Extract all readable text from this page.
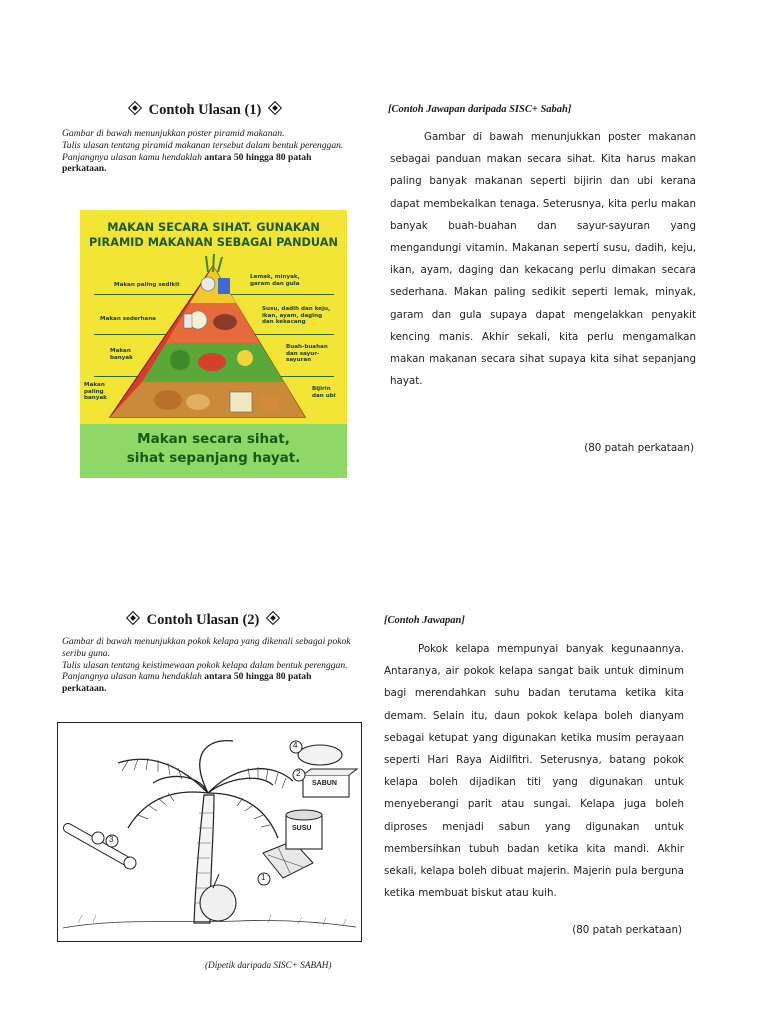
Contoh Ulasan (1)

Gambar di bawah menunjukkan poster piramid makanan.

Tulis ulasan tentang piramid makanan tersebut dalam bentuk perenggan.

Panjangnya ulasan kamu hendaklah antara 50 hingga 80 patah perkataan.

MAKAN SECARA SIHAT. GUNAKAN
PIRAMID MAKANAN SEBAGAI PANDUAN
Makan paling sedikit
Makan sederhana
Makan banyak
Makan paling banyak
Lemak, minyak, garam dan gula
Susu, dadih dan keju, ikan, ayam, daging dan kekacang
Buah-buahan dan sayur-sayuran
Bijirin dan ubi
Makan secara sihat,
sihat sepanjang hayat.
[Contoh Jawapan daripada SISC+ Sabah]

Gambar di bawah menunjukkan poster makanan sebagai panduan makan secara sihat. Kita harus makan paling banyak makanan seperti bijirin dan ubi kerana dapat membekalkan tenaga. Seterusnya, kita perlu makan banyak buah-buahan dan sayur-sayuran yang mengandungi vitamin. Makanan seperti susu, dadih, keju, ikan, ayam, daging dan kekacang perlu dimakan secara sederhana. Makan paling sedikit seperti lemak, minyak, garam dan gula supaya dapat mengelakkan penyakit kencing manis. Akhir sekali, kita perlu mengamalkan makan makanan secara sihat supaya kita sihat sepanjang hayat.

(80 patah perkataan)
Contoh Ulasan (2)

Gambar di bawah menunjukkan pokok kelapa yang dikenali sebagai pokok seribu guna.

Tulis ulasan tentang keistimewaan pokok kelapa dalam bentuk perenggan.

Panjangnya ulasan kamu hendaklah antara 50 hingga 80 patah perkataan.

3
1
2
4
SABUN
SUSU
(Dipetik daripada SISC+ SABAH)
[Contoh Jawapan]

Pokok kelapa mempunyai banyak kegunaannya. Antaranya, air pokok kelapa sangat baik untuk diminum bagi merendahkan suhu badan terutama ketika kita demam. Selain itu, daun pokok kelapa boleh dianyam sebagai ketupat yang digunakan ketika musim perayaan seperti Hari Raya Aidilfitri. Seterusnya, batang pokok kelapa boleh dijadikan titi yang digunakan untuk menyeberangi parit atau sungai. Kelapa juga boleh diproses menjadi sabun yang digunakan untuk membersihkan tubuh badan ketika kita mandi. Akhir sekali, kelapa boleh dibuat majerin. Majerin pula berguna ketika membuat biskut atau kuih.

(80 patah perkataan)
